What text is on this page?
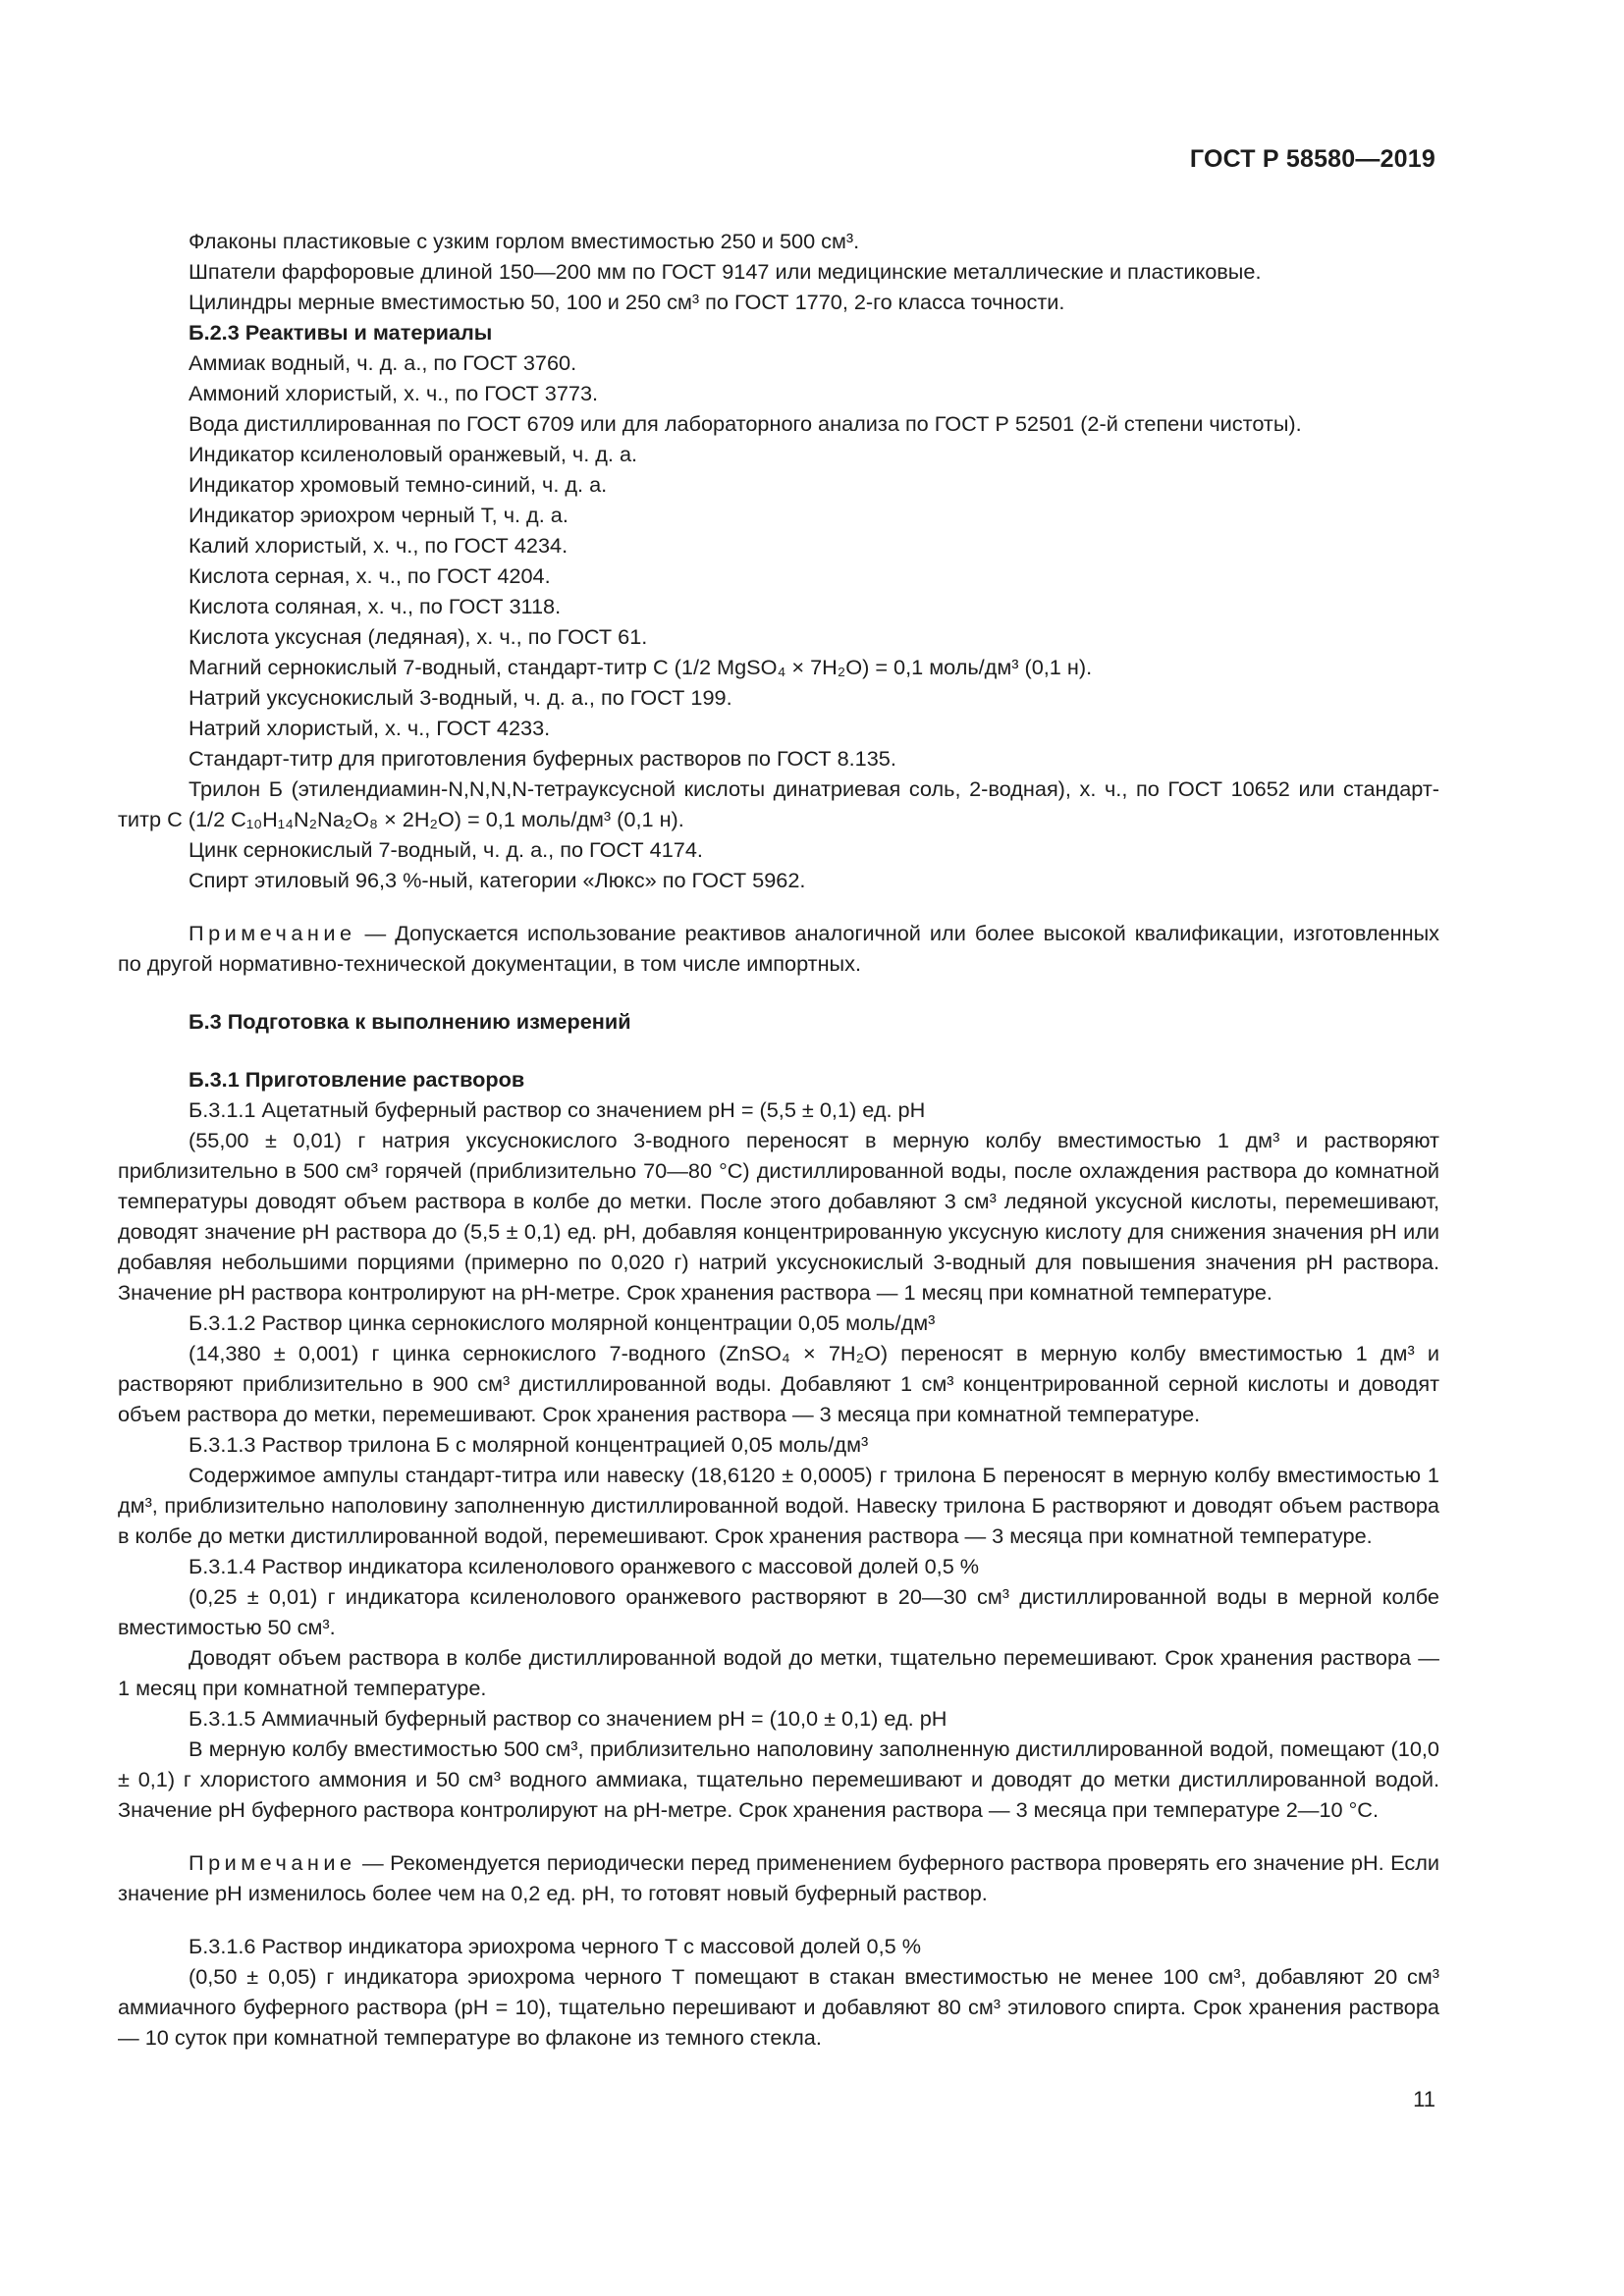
ГОСТ Р 58580—2019

Флаконы пластиковые с узким горлом вместимостью 250 и 500 см³.

Шпатели фарфоровые длиной 150—200 мм по ГОСТ 9147 или медицинские металлические и пластиковые.

Цилиндры мерные вместимостью 50, 100 и 250 см³ по ГОСТ 1770, 2-го класса точности.

Б.2.3 Реактивы и материалы

Аммиак водный, ч. д. а., по ГОСТ 3760.

Аммоний хлористый, х. ч., по ГОСТ 3773.

Вода дистиллированная по ГОСТ 6709 или для лабораторного анализа по ГОСТ Р 52501 (2-й степени чистоты).

Индикатор ксиленоловый оранжевый, ч. д. а.

Индикатор хромовый темно-синий, ч. д. а.

Индикатор эриохром черный Т, ч. д. а.

Калий хлористый, х. ч., по ГОСТ 4234.

Кислота серная, х. ч., по ГОСТ 4204.

Кислота соляная, х. ч., по ГОСТ 3118.

Кислота уксусная (ледяная), х. ч., по ГОСТ 61.

Магний сернокислый 7-водный, стандарт-титр C (1/2 MgSO₄ × 7H₂O) = 0,1 моль/дм³ (0,1 н).

Натрий уксуснокислый 3-водный, ч. д. а., по ГОСТ 199.

Натрий хлористый, х. ч., ГОСТ 4233.

Стандарт-титр для приготовления буферных растворов по ГОСТ 8.135.

Трилон Б (этилендиамин-N,N,N,N-тетрауксусной кислоты динатриевая соль, 2-водная), х. ч., по ГОСТ 10652 или стандарт-титр C (1/2 C₁₀H₁₄N₂Na₂O₈ × 2H₂O) = 0,1 моль/дм³ (0,1 н).

Цинк сернокислый 7-водный, ч. д. а., по ГОСТ 4174.

Спирт этиловый 96,3 %-ный, категории «Люкс» по ГОСТ 5962.

Примечание — Допускается использование реактивов аналогичной или более высокой квалификации, изготовленных по другой нормативно-технической документации, в том числе импортных.

Б.3 Подготовка к выполнению измерений

Б.3.1 Приготовление растворов

Б.3.1.1 Ацетатный буферный раствор со значением pH = (5,5 ± 0,1) ед. pH

(55,00 ± 0,01) г натрия уксуснокислого 3-водного переносят в мерную колбу вместимостью 1 дм³ и растворяют приблизительно в 500 см³ горячей (приблизительно 70—80 °C) дистиллированной воды, после охлаждения раствора до комнатной температуры доводят объем раствора в колбе до метки. После этого добавляют 3 см³ ледяной уксусной кислоты, перемешивают, доводят значение pH раствора до (5,5 ± 0,1) ед. pH, добавляя концентрированную уксусную кислоту для снижения значения pH или добавляя небольшими порциями (примерно по 0,020 г) натрий уксуснокислый 3-водный для повышения значения pH раствора. Значение pH раствора контролируют на pH-метре. Срок хранения раствора — 1 месяц при комнатной температуре.

Б.3.1.2 Раствор цинка сернокислого молярной концентрации 0,05 моль/дм³

(14,380 ± 0,001) г цинка сернокислого 7-водного (ZnSO₄ × 7H₂O) переносят в мерную колбу вместимостью 1 дм³ и растворяют приблизительно в 900 см³ дистиллированной воды. Добавляют 1 см³ концентрированной серной кислоты и доводят объем раствора до метки, перемешивают. Срок хранения раствора — 3 месяца при комнатной температуре.

Б.3.1.3 Раствор трилона Б с молярной концентрацией 0,05 моль/дм³

Содержимое ампулы стандарт-титра или навеску (18,6120 ± 0,0005) г трилона Б переносят в мерную колбу вместимостью 1 дм³, приблизительно наполовину заполненную дистиллированной водой. Навеску трилона Б растворяют и доводят объем раствора в колбе до метки дистиллированной водой, перемешивают. Срок хранения раствора — 3 месяца при комнатной температуре.

Б.3.1.4 Раствор индикатора ксиленолового оранжевого с массовой долей 0,5 %

(0,25 ± 0,01) г индикатора ксиленолового оранжевого растворяют в 20—30 см³ дистиллированной воды в мерной колбе вместимостью 50 см³.

Доводят объем раствора в колбе дистиллированной водой до метки, тщательно перемешивают. Срок хранения раствора — 1 месяц при комнатной температуре.

Б.3.1.5 Аммиачный буферный раствор со значением pH = (10,0 ± 0,1) ед. pH

В мерную колбу вместимостью 500 см³, приблизительно наполовину заполненную дистиллированной водой, помещают (10,0 ± 0,1) г хлористого аммония и 50 см³ водного аммиака, тщательно перемешивают и доводят до метки дистиллированной водой. Значение pH буферного раствора контролируют на pH-метре. Срок хранения раствора — 3 месяца при температуре 2—10 °C.

Примечание — Рекомендуется периодически перед применением буферного раствора проверять его значение pH. Если значение pH изменилось более чем на 0,2 ед. pH, то готовят новый буферный раствор.

Б.3.1.6 Раствор индикатора эриохрома черного Т с массовой долей 0,5 %

(0,50 ± 0,05) г индикатора эриохрома черного Т помещают в стакан вместимостью не менее 100 см³, добавляют 20 см³ аммиачного буферного раствора (pH = 10), тщательно перешивают и добавляют 80 см³ этилового спирта. Срок хранения раствора — 10 суток при комнатной температуре во флаконе из темного стекла.

11
